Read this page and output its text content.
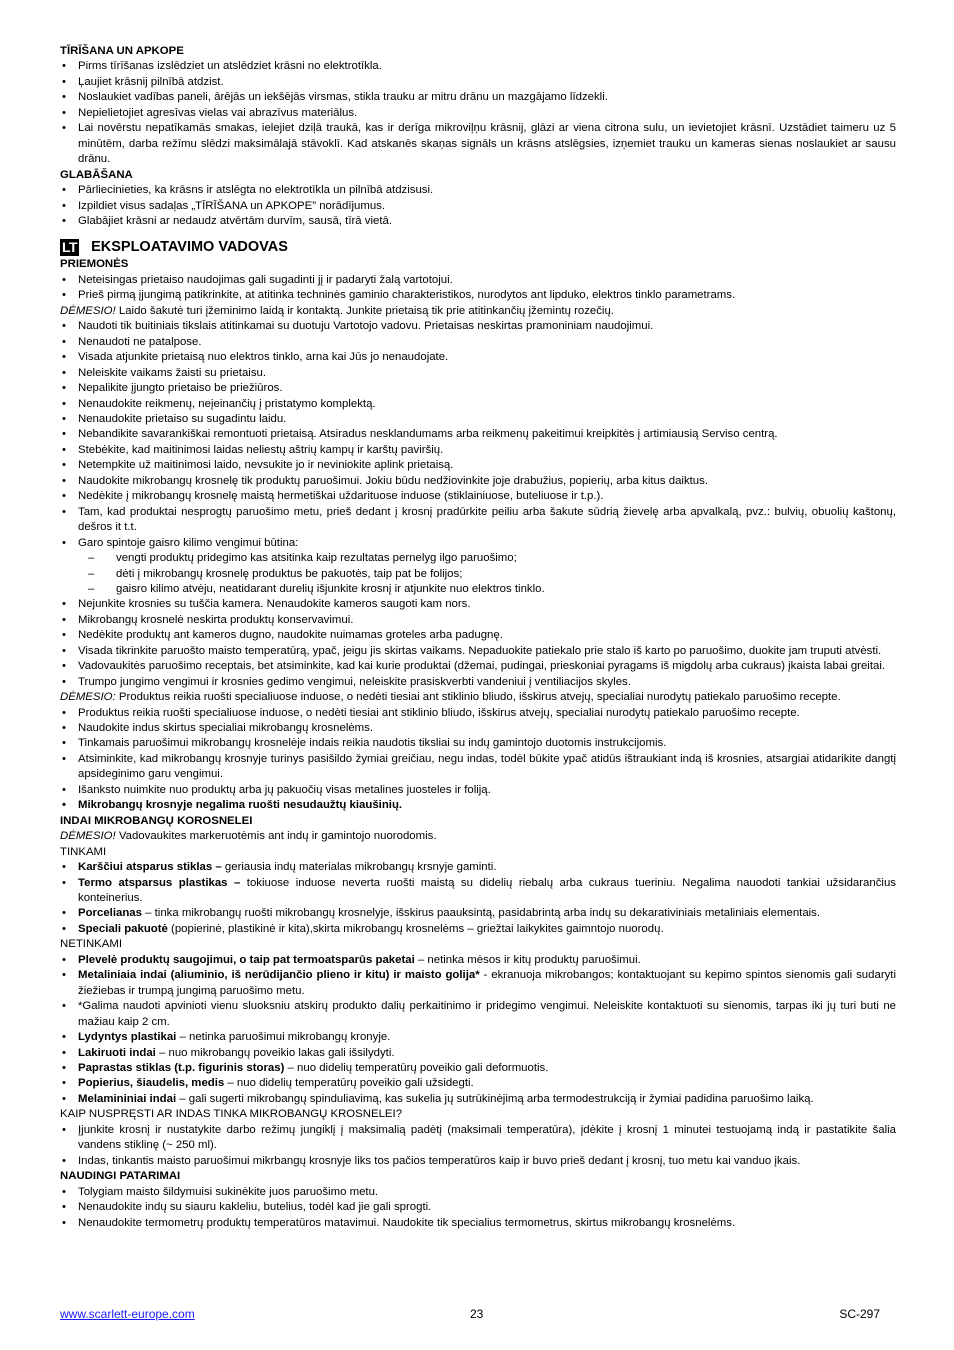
TĪRĪŠANA UN APKOPE
• Pirms tīrīšanas izslēdziet un atslēdziet krāsni no elektrotīkla.
• Ļaujiet krāsnij pilnībā atdzist.
• Noslaukiet vadības paneli, ārējās un iekšējās virsmas, stikla trauku ar mitru drānu un mazgājamo līdzekli.
• Nepielietojiet agresīvas vielas vai abrazīvus materiālus.
• Lai novērstu nepatīkamās smakas, ielejiet dziļā traukā, kas ir derīga mikroviļņu krāsnij, glāzi ar viena citrona sulu, un ievietojiet krāsnī. Uzstādiet taimeru uz 5 minūtēm, darba režīmu slēdzi maksimālajā stāvoklī. Kad atskanēs skaņas signāls un krāsns atslēgsies, izņemiet trauku un kameras sienas noslaukiet ar sausu drānu.
GLABĀŠANA
• Pārliecinieties, ka krāsns ir atslēgta no elektrotīkla un pilnībā atdzisusi.
• Izpildiet visus sadaļas „TĪRĪŠANA un APKOPE” norādījumus.
• Glabājiet krāsni ar nedaudz atvērtām durvīm, sausā, tīrā vietā.
LT EKSPLOATAVIMO VADOVAS
PRIEMONĖS
• Neteisingas prietaiso naudojimas gali sugadinti jį ir padaryti žalą vartotojui.
• Prieš pirmą įjungimą patikrinkite, at atitinka techninės gaminio charakteristikos, nurodytos ant lipduko, elektros tinklo parametrams.
DĖMESIO! Laido šakutė turi įžeminimo laidą ir kontaktą. Junkite prietaisą tik prie atitinkančių įžemintų rozečių.
• Naudoti tik buitiniais tikslais atitinkamai su duotuju Vartotojo vadovu. Prietaisas neskirtas pramoniniam naudojimui.
• Nenaudoti ne patalpose.
• Visada atjunkite prietaisą nuo elektros tinklo, arna kai Jūs jo nenaudojate.
• Neleiskite vaikams žaisti su prietaisu.
• Nepalikite įjungto prietaiso be priežiūros.
• Nenaudokite reikmenų, neįeinančių į pristatymo komplektą.
• Nenaudokite prietaiso su sugadintu laidu.
• Nebandikite savarankiškai remontuoti prietaisą. Atsiradus nesklandumams arba reikmenų pakeitimui kreipkitės į artimiausią Serviso centrą.
• Stebėkite, kad maitinimosi laidas neliestų aštrių kampų ir karštų paviršių.
• Netempkite už maitinimosi laido, nevsukite jo ir neviniokite aplink prietaisą.
• Naudokite mikrobangų krosnelę tik produktų paruošimui. Jokiu būdu nedžiovinkite joje drabužius, popierių, arba kitus daiktus.
• Nedėkite į mikrobangų krosnelę maistą hermetiškai uždarituose induose (stiklainiuose, buteliuose ir t.p.).
• Tam, kad produktai nesprogtų paruošimo metu, prieš dedant į krosnį pradūrkite peiliu arba šakute sūdrią žievelę arba apvalkalą, pvz.: bulvių, obuolių kaštonų, dešros it t.t.
• Garo spintoje gaisro kilimo vengimui būtina:
– vengti produktų pridegimo kas atsitinka kaip rezultatas pernelyg ilgo paruošimo;
– dėti į mikrobangų krosnelę produktus be pakuotės, taip pat be folijos;
– gaisro kilimo atvėju, neatidarant durelių išjunkite krosnį ir atjunkite nuo elektros tinklo.
• Nejunkite krosnies su tuščia kamera. Nenaudokite kameros saugoti kam nors.
• Mikrobangų krosnelė neskirta produktų konservavimui.
• Nedėkite produktų ant kameros dugno, naudokite nuimamas groteles arba padugnę.
• Visada tikrinkite paruošto maisto temperatūrą, ypač, jeigu jis skirtas vaikams. Nepaduokite patiekalo prie stalo iš karto po paruošimo, duokite jam truputi atvėsti.
• Vadovaukitės paruošimo receptais, bet atsiminkite, kad kai kurie produktai (džemai, pudingai, prieskoniai pyragams iš migdolų arba cukraus) įkaista labai greitai.
• Trumpo jungimo vengimui ir krosnies gedimo vengimui, neleiskite prasiskverbti vandeniui į ventiliacijos skyles.
DĖMESIO: Produktus reikia ruošti specialiuose induose, o nedėti tiesiai ant stiklinio bliudo, išskirus atvejų, specialiai nurodytų patiekalo paruošimo recepte.
• Produktus reikia ruošti specialiuose induose, o nedėti tiesiai ant stiklinio bliudo, išskirus atvejų, specialiai nurodytų patiekalo paruošimo recepte.
• Naudokite indus skirtus specialiai mikrobangų krosnelėms.
• Tinkamais paruošimui mikrobangų krosnelėje indais reikia naudotis tiksliai su indų gamintojo duotomis instrukcijomis.
• Atsiminkite, kad mikrobangų krosnyje turinys pasišildo žymiai greičiau, negu indas, todėl būkite ypač atidūs ištraukiant indą iš krosnies, atsargiai atidarikite dangtį apsidеginimo garu vengimui.
• Išanksto nuimkite nuo produktų arba jų pakuočių visas metalines juosteles ir foliją.
• Mikrobangų krosnyje negalima ruošti nesudaužtų kiaušinių.
INDAI MIKROBANGŲ KOROSNELEI
DĖMESIO! Vadovaukites markeruotėmis ant indų ir gamintojo nuorodomis.
TINKAMI
• Karščiui atsparus stiklas – geriausia indų materialas mikrobangų krsnyje gaminti.
• Termo atsparsus plastikas – tokiuose induose neverta ruošti maistą su didelių riebalų arba cukraus tueriniu. Negalima nauodoti tankiai užsidarančius konteinerius.
• Porcelianas – tinka mikrobangų ruošti mikrobangų krosnelyje, išskirus paauksintą, pasidabrintą arba indų su dekarativiniais metaliniais elementais.
• Speciali pakuotė (popierinė, plastikinė ir kita),skirta mikrobangų krosnelėms – griežtai laikykites gaimntojo nuorodų.
NETINKAMI
• Plevelė produktų saugojimui, o taip pat termoatsparūs paketai – netinka mėsos ir kitų produktų paruošimui.
• Metaliniaia indai (aliuminio, iš nerūdijančio plieno ir kitu) ir maisto golija* - ekranuoja mikrobangos; kontaktuojant su kepimo spintos sienomis gali sudaryti žiežiebas ir trumpą jungimą paruošimo metu.
• *Galima naudoti apvinioti vienu sluoksniu atskirų produkto dalių perkaitinimo ir pridegimo vengimui. Neleiskite kontaktuoti su sienomis, tarpas iki jų turi buti ne mažiau kaip 2 cm.
• Lydyntys plastikai – netinka paruošimui mikrobangų kronyje.
• Lakiruoti indai – nuo mikrobangų poveikio lakas gali išsilydyti.
• Paprastas stiklas (t.p. figurinis storas) – nuo didelių temperatūrų poveikio gali deformuotis.
• Popierius, šiaudelis, medis – nuo didelių temperatūrų poveikio gali užsidegti.
• Melamininiai indai – gali sugerti mikrobangų spinduliavimą, kas sukelia jų sutrūkinėjimą arba termodestrukciją ir žymiai padidina paruošimo laiką.
KAIP NUSPRĘSTI AR INDAS TINKA MIKROBANGŲ KROSNELEI?
• Įjunkite krosnį ir nustatykite darbo režimų jungiklį į maksimalią padėtį (maksimali temperatūra), įdėkite į krosnį 1 minutei testuojamą indą ir pastatikite šalia vandens stiklinę (~ 250 ml).
• Indas, tinkantis maisto paruošimui mikrbangų krosnyje liks tos pačios temperatūros kaip ir buvo prieš dedant į krosnį, tuo metu kai vanduo įkais.
NAUDINGI PATARIMAI
• Tolygiam maisto šildymuisi sukinėkite juos paruošimo metu.
• Nenaudokite indų su siauru kakleliu, butelius, todėl kad jie gali sprogti.
• Nenaudokite termometrų produktų temperatūros matavimui. Naudokite tik specialius termometrus, skirtus mikrobangų krosnelėms.
www.scarlett-europe.com	23	SC-297
